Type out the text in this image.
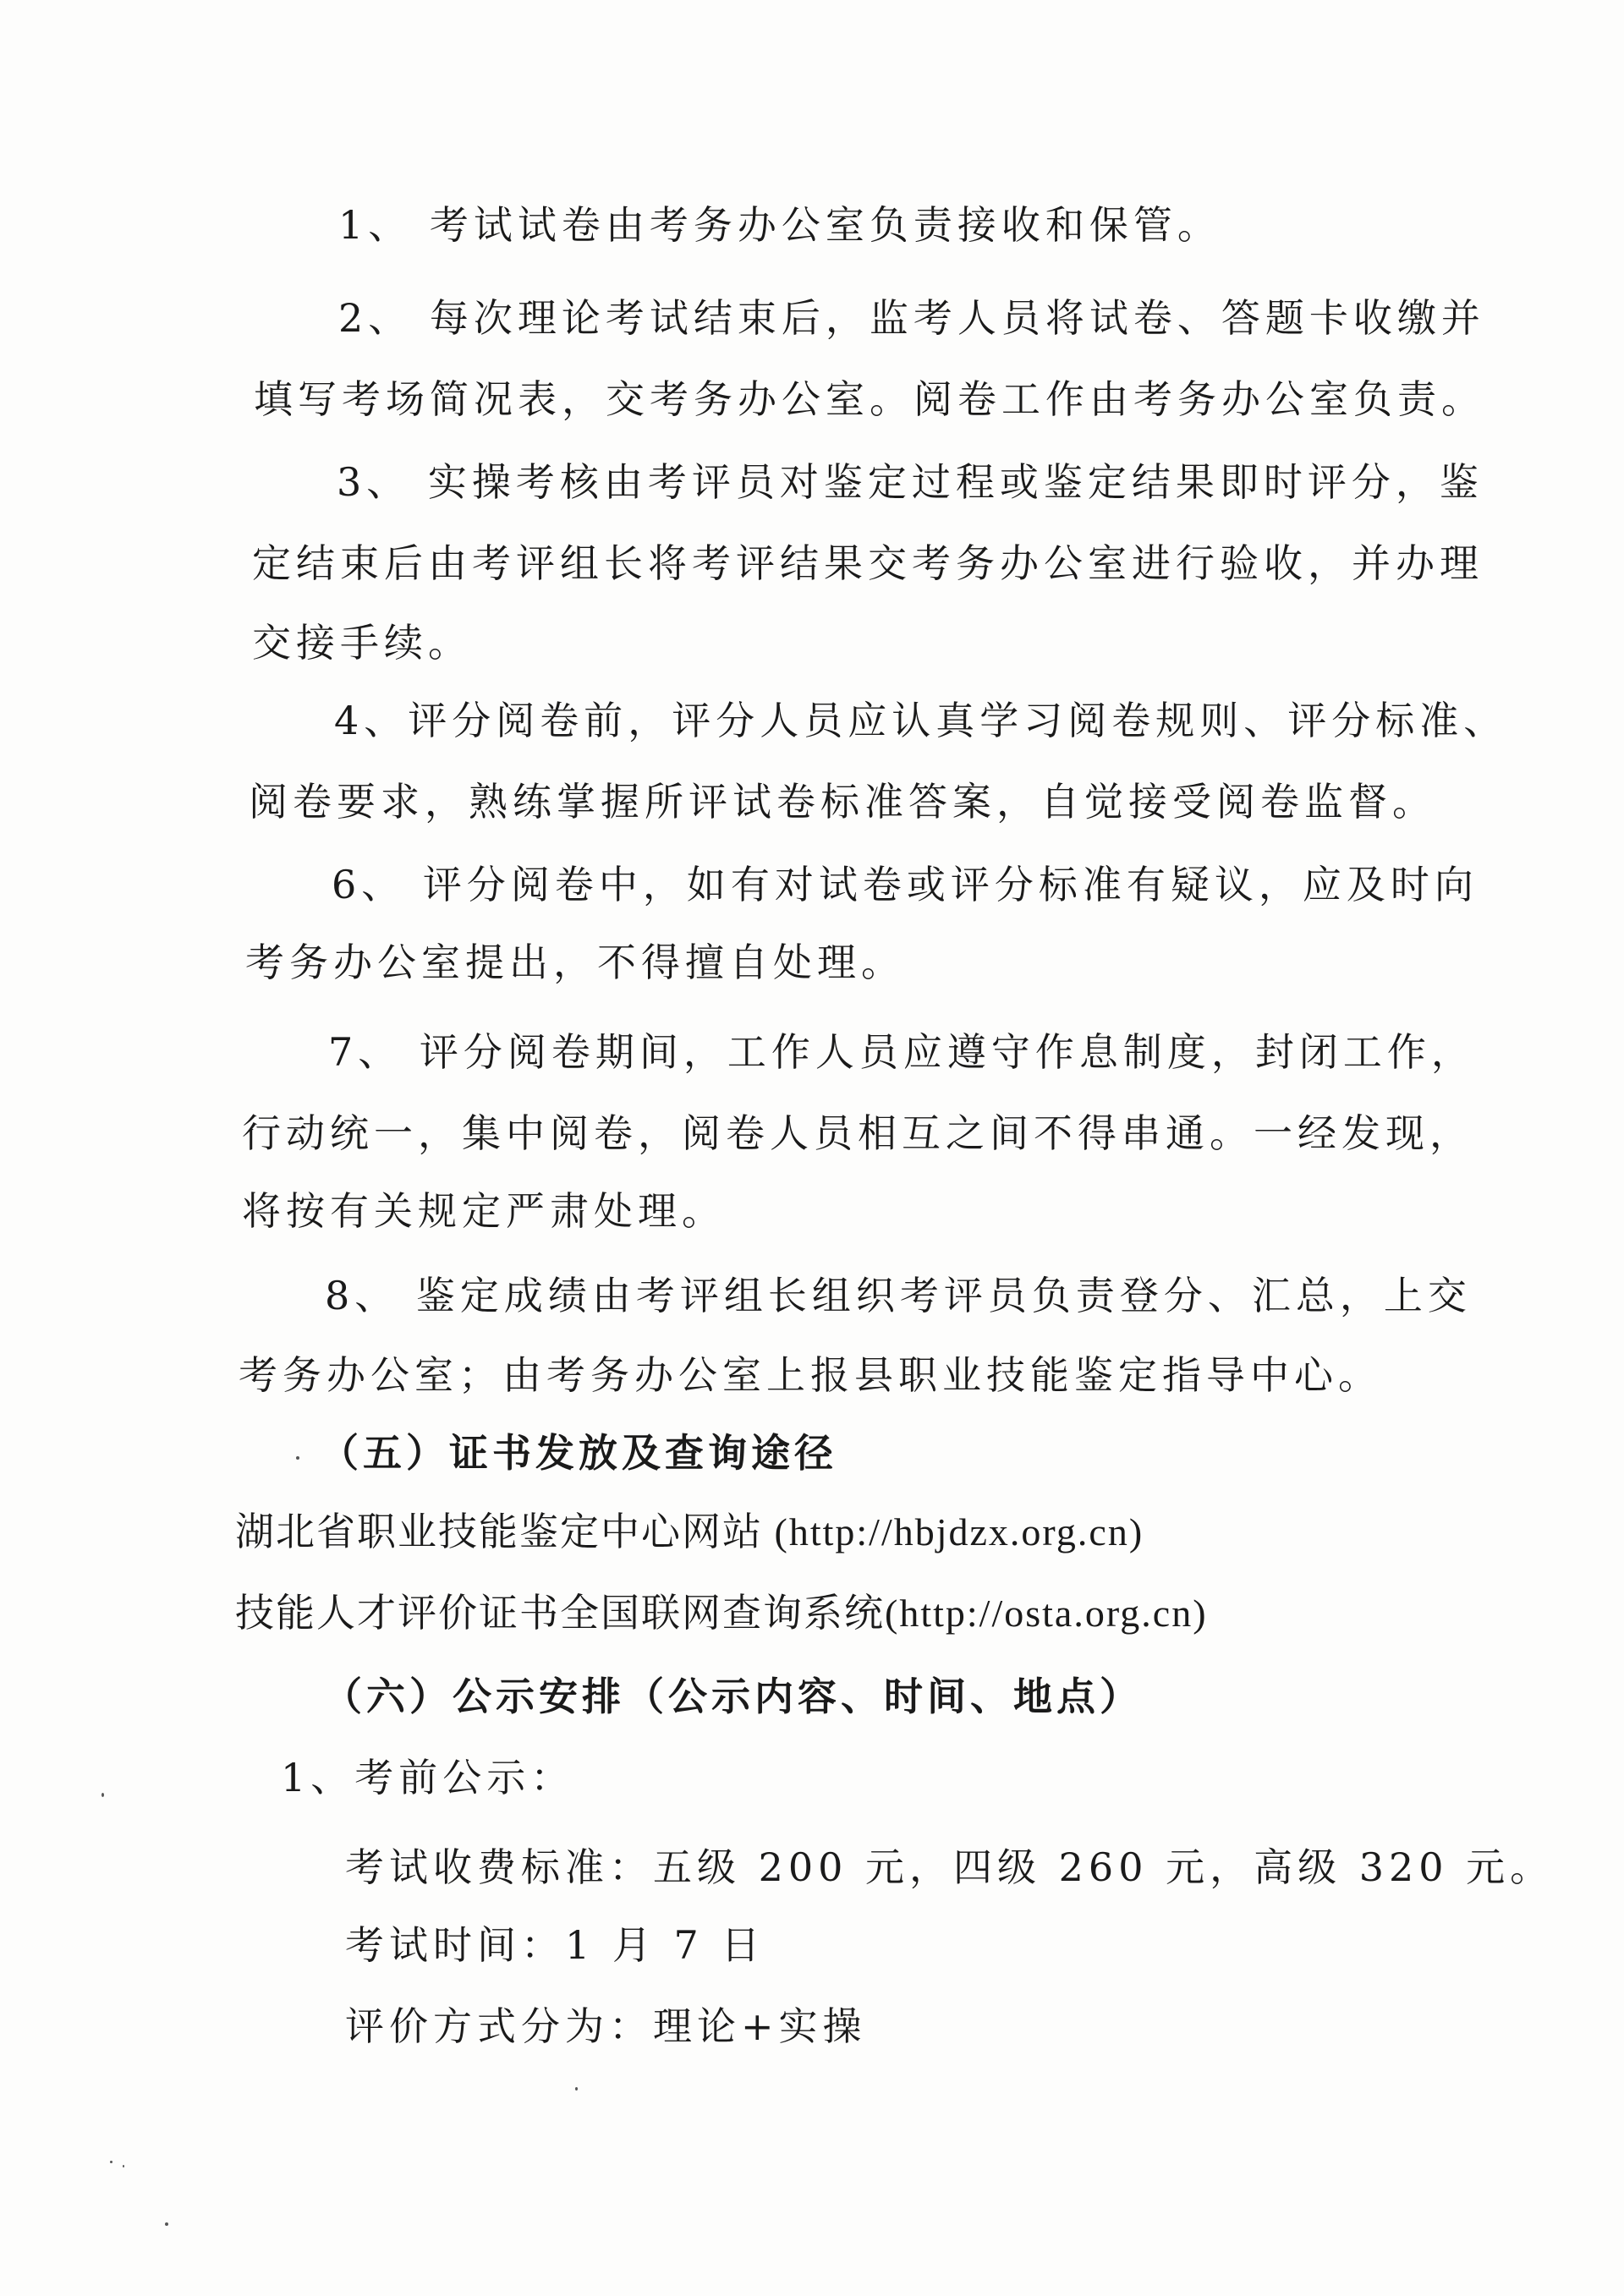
1、 考试试卷由考务办公室负责接收和保管。
2、 每次理论考试结束后，监考人员将试卷、答题卡收缴并
填写考场简况表，交考务办公室。阅卷工作由考务办公室负责。
3、 实操考核由考评员对鉴定过程或鉴定结果即时评分，鉴
定结束后由考评组长将考评结果交考务办公室进行验收，并办理
交接手续。
4、评分阅卷前，评分人员应认真学习阅卷规则、评分标准、
阅卷要求，熟练掌握所评试卷标准答案，自觉接受阅卷监督。
6、 评分阅卷中，如有对试卷或评分标准有疑议，应及时向
考务办公室提出，不得擅自处理。
7、 评分阅卷期间，工作人员应遵守作息制度，封闭工作，
行动统一，集中阅卷，阅卷人员相互之间不得串通。一经发现，
将按有关规定严肃处理。
8、 鉴定成绩由考评组长组织考评员负责登分、汇总，上交
考务办公室；由考务办公室上报县职业技能鉴定指导中心。
（五）证书发放及查询途径
湖北省职业技能鉴定中心网站 (http://hbjdzx.org.cn)
技能人才评价证书全国联网查询系统(http://osta.org.cn)
（六）公示安排（公示内容、时间、地点）
1、考前公示：
考试收费标准：五级 200 元，四级 260 元，高级 320 元。
考试时间：1 月 7 日
评价方式分为：理论+实操
